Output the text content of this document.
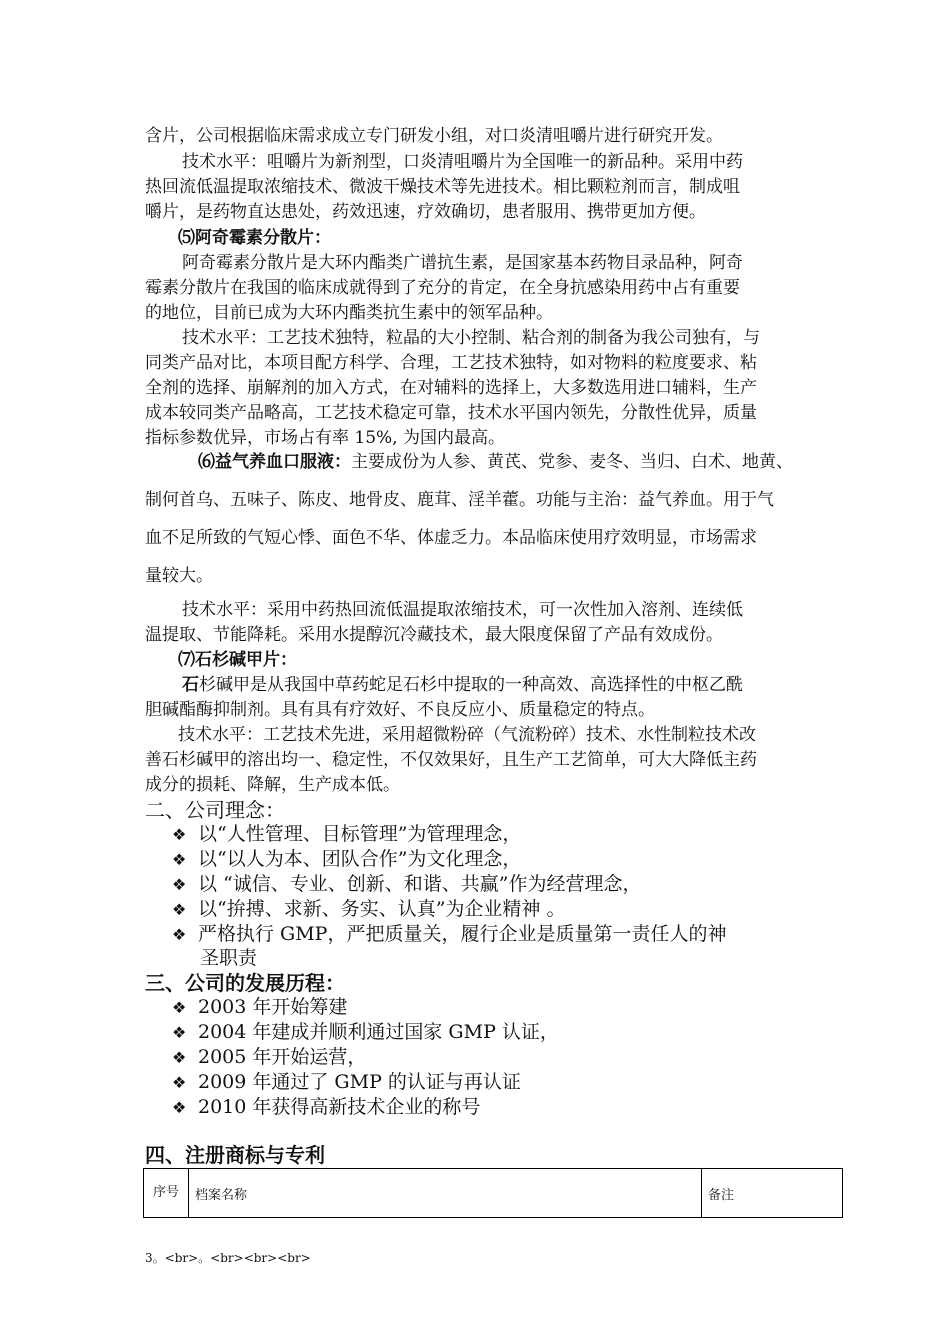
含片，公司根据临床需求成立专门研发小组，对口炎清咀嚼片进行研究开发。
技术水平：咀嚼片为新剂型，口炎清咀嚼片为全国唯一的新品种。采用中药
热回流低温提取浓缩技术、微波干燥技术等先进技术。相比颗粒剂而言，制成咀
嚼片，是药物直达患处，药效迅速，疗效确切，患者服用、携带更加方便。
⑸阿奇霉素分散片：
阿奇霉素分散片是大环内酯类广谱抗生素，是国家基本药物目录品种，阿奇
霉素分散片在我国的临床成就得到了充分的肯定，在全身抗感染用药中占有重要
的地位，目前已成为大环内酯类抗生素中的领军品种。
技术水平：工艺技术独特，粒晶的大小控制、粘合剂的制备为我公司独有，与
同类产品对比，本项目配方科学、合理，工艺技术独特，如对物料的粒度要求、粘
全剂的选择、崩解剂的加入方式，在对辅料的选择上，大多数选用进口辅料，生产
成本较同类产品略高，工艺技术稳定可靠，技术水平国内领先，分散性优异，质量
指标参数优异，市场占有率 15%, 为国内最高。
⑹益气养血口服液：主要成份为人参、黄芪、党参、麦冬、当归、白术、地黄、
制何首乌、五味子、陈皮、地骨皮、鹿茸、淫羊藿。功能与主治：益气养血。用于气
血不足所致的气短心悸、面色不华、体虚乏力。本品临床使用疗效明显，市场需求
量较大。
技术水平：采用中药热回流低温提取浓缩技术，可一次性加入溶剂、连续低
温提取、节能降耗。采用水提醇沉冷藏技术，最大限度保留了产品有效成份。
⑺石杉碱甲片：
石杉碱甲是从我国中草药蛇足石杉中提取的一种高效、高选择性的中枢乙酰
胆碱酯酶抑制剂。具有具有疗效好、不良反应小、质量稳定的特点。
技术水平：工艺技术先进，采用超微粉碎（气流粉碎）技术、水性制粒技术改
善石杉碱甲的溶出均一、稳定性，不仅效果好，且生产工艺简单，可大大降低主药
成分的损耗、降解，生产成本低。
二、公司理念：
❖ 以“人性管理、目标管理”为管理理念，
❖ 以“以人为本、团队合作”为文化理念，
❖ 以 “诚信、专业、创新、和谐、共赢”作为经营理念，
❖ 以“拚搏、求新、务实、认真”为企业精神 。
❖ 严格执行 GMP，严把质量关，履行企业是质量第一责任人的神
圣职责
三、公司的发展历程：
❖ 2003 年开始筹建
❖ 2004 年建成并顺利通过国家 GMP 认证，
❖ 2005 年开始运营，
❖ 2009 年通过了 GMP 的认证与再认证
❖ 2010 年获得高新技术企业的称号
四、注册商标与专利
序号	档案名称	备注
3。<br>。<br><br><br>
